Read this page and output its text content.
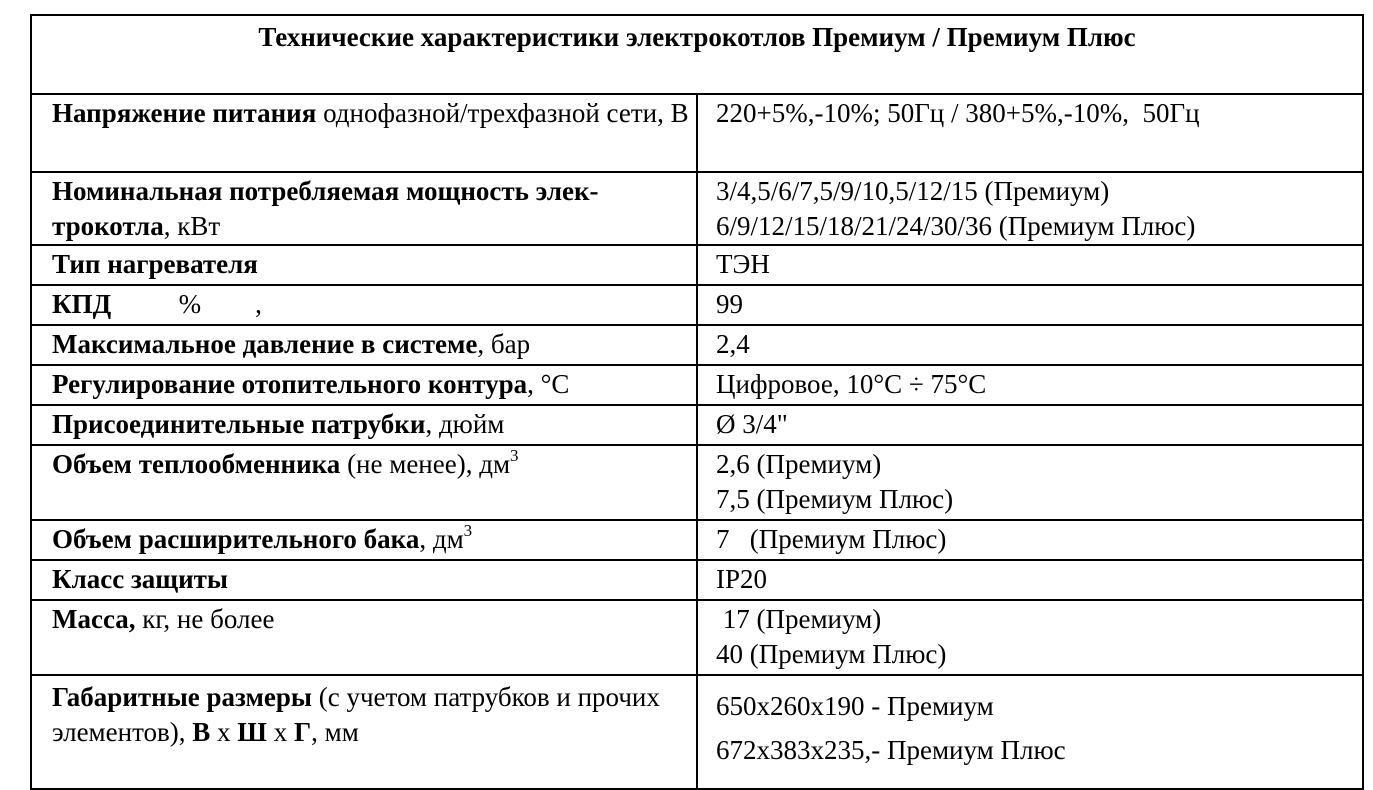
Технические характеристики электрокотлов Премиум / Премиум Плюс	
Напряжение питания однофазной/трехфазной сети, В	220+5%,-10%; 50Гц / 380+5%,-10%,  50Гц

Номинальная потребляемая мощность элек-трокотла, кВт	3/4,5/6/7,5/9/10,5/12/15 (Премиум)
6/9/12/15/18/21/24/30/36 (Премиум Плюс)

Тип нагревателя	ТЭН

КПД          %        ,	99

Максимальное давление в системе, бар	2,4

Регулирование отопительного контура, °С	Цифровое, 10°С ÷ 75°С

Присоединительные патрубки, дюйм	Ø 3/4"

Объем теплообменника (не менее), $дм^3$	2,6 (Премиум)
7,5 (Премиум Плюс)

Объем расширительного бака, $дм^3$	7   (Премиум Плюс)

Класс защиты	IP20

Масса, кг, не более	17 (Премиум)
40 (Премиум Плюс)

Габаритные размеры (с учетом патрубков и прочих элементов), В х Ш х Г, мм	650х260х190 - Премиум
672х383х235,- Премиум Плюс
